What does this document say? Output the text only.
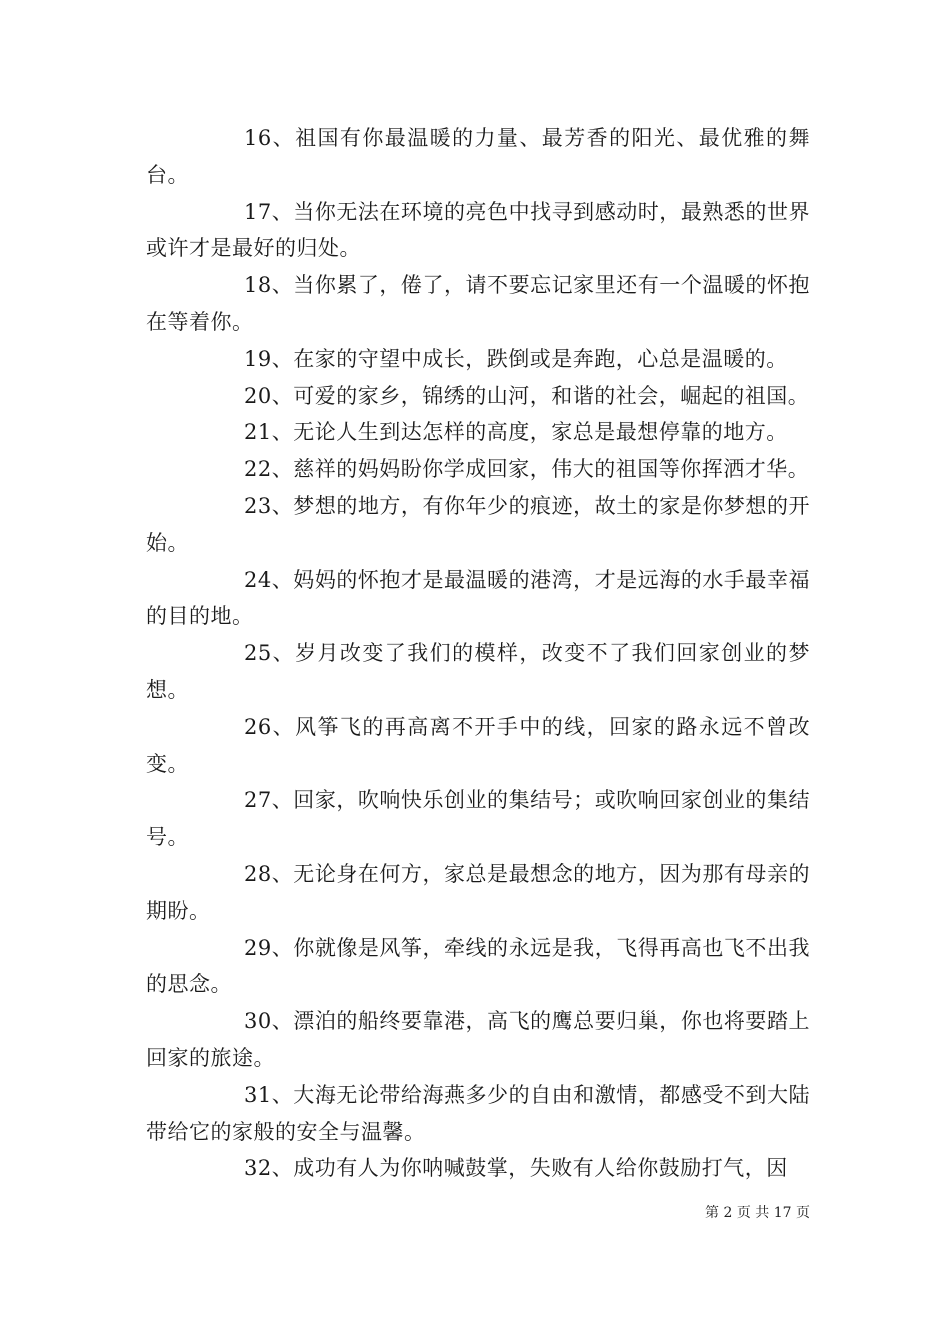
16、祖国有你最温暖的力量、最芳香的阳光、最优雅的舞台。

17、当你无法在环境的亮色中找寻到感动时，最熟悉的世界或许才是最好的归处。

18、当你累了，倦了，请不要忘记家里还有一个温暖的怀抱在等着你。

19、在家的守望中成长，跌倒或是奔跑，心总是温暖的。

20、可爱的家乡，锦绣的山河，和谐的社会，崛起的祖国。

21、无论人生到达怎样的高度，家总是最想停靠的地方。

22、慈祥的妈妈盼你学成回家，伟大的祖国等你挥洒才华。

23、梦想的地方，有你年少的痕迹，故土的家是你梦想的开始。

24、妈妈的怀抱才是最温暖的港湾，才是远海的水手最幸福的目的地。

25、岁月改变了我们的模样，改变不了我们回家创业的梦想。

26、风筝飞的再高离不开手中的线，回家的路永远不曾改变。

27、回家，吹响快乐创业的集结号；或吹响回家创业的集结号。

28、无论身在何方，家总是最想念的地方，因为那有母亲的期盼。

29、你就像是风筝，牵线的永远是我，飞得再高也飞不出我的思念。

30、漂泊的船终要靠港，高飞的鹰总要归巢，你也将要踏上回家的旅途。

31、大海无论带给海燕多少的自由和激情，都感受不到大陆带给它的家般的安全与温馨。

32、成功有人为你呐喊鼓掌，失败有人给你鼓励打气，因

第 2 页 共 17 页
